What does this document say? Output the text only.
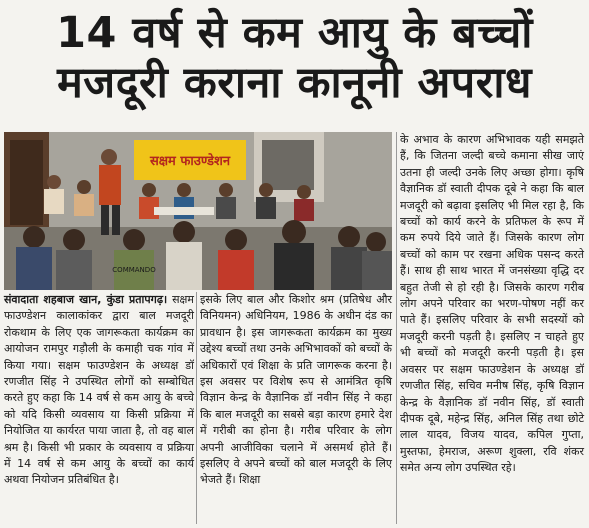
14 वर्ष से कम आयु के बच्चों
मजदूरी कराना कानूनी अपराध
सक्षम फाउण्डेशन
COMMANDO

संवादाता शहबाज खान, कुंडा प्रतापगढ़। सक्षम फाउण्डेशन कालाकांकर द्वारा बाल मजदूरी रोकथाम के लिए एक जागरूकता कार्यक्रम का आयोजन रामपुर गड़ौली के कमाही चक गांव में किया गया। सक्षम फाउण्डेशन के अध्यक्ष डॉ रणजीत सिंह ने उपस्थित लोगों को सम्बोधित करते हुए कहा कि 14 वर्ष से कम आयु के बच्चे को यदि किसी व्यवसाय या किसी प्रक्रिया में नियोजित या कार्यरत पाया जाता है, तो वह बाल श्रम है। किसी भी प्रकार के व्यवसाय व प्रक्रिया में 14 वर्ष से कम आयु के बच्चों का कार्य अथवा नियोजन प्रतिबंधित है।

इसके लिए बाल और किशोर श्रम (प्रतिषेध और विनियमन) अधिनियम, 1986 के अधीन दंड का प्रावधान है। इस जागरूकता कार्यक्रम का मुख्य उद्देश्य बच्चों तथा उनके अभिभावकों को बच्चों के अधिकारों एवं शिक्षा के प्रति जागरूक करना है। इस अवसर पर विशेष रूप से आमंत्रित कृषि विज्ञान केन्द्र के वैज्ञानिक डॉ नवीन सिंह ने कहा कि बाल मजदूरी का सबसे बड़ा कारण हमारे देश में गरीबी का होना है। गरीब परिवार के लोग अपनी आजीविका चलाने में असमर्थ होते हैं। इसलिए वे अपने बच्चों को बाल मजदूरी के लिए भेजते हैं। शिक्षा

के अभाव के कारण अभिभावक यही समझते हैं, कि जितना जल्दी बच्चे कमाना सीख जाएं उतना ही जल्दी उनके लिए अच्छा होगा। कृषि वैज्ञानिक डॉ स्वाती दीपक दूबे ने कहा कि बाल मजदूरी को बढ़ावा इसलिए भी मिल रहा है, कि बच्चों को कार्य करने के प्रतिफल के रूप में कम रुपये दिये जाते हैं। जिसके कारण लोग बच्चों को काम पर रखना अधिक पसन्द करते हैं। साथ ही साथ भारत में जनसंख्या वृद्धि दर बहुत तेजी से हो रही है। जिसके कारण गरीब लोग अपने परिवार का भरण-पोषण नहीं कर पाते हैं। इसलिए परिवार के सभी सदस्यों को मजदूरी करनी पड़ती है। इसलिए न चाहते हुए भी बच्चों को मजदूरी करनी पड़ती है। इस अवसर पर सक्षम फाउण्डेशन के अध्यक्ष डॉ रणजीत सिंह, सचिव मनीष सिंह, कृषि विज्ञान केन्द्र के वैज्ञानिक डॉ नवीन सिंह, डॉ स्वाती दीपक दूबे, महेन्द्र सिंह, अनिल सिंह तथा छोटे लाल यादव, विजय यादव, कपिल गुप्ता, मुस्तफा, हेमराज, अरूण शुक्ला, रवि शंकर समेत अन्य लोग उपस्थित रहे।
